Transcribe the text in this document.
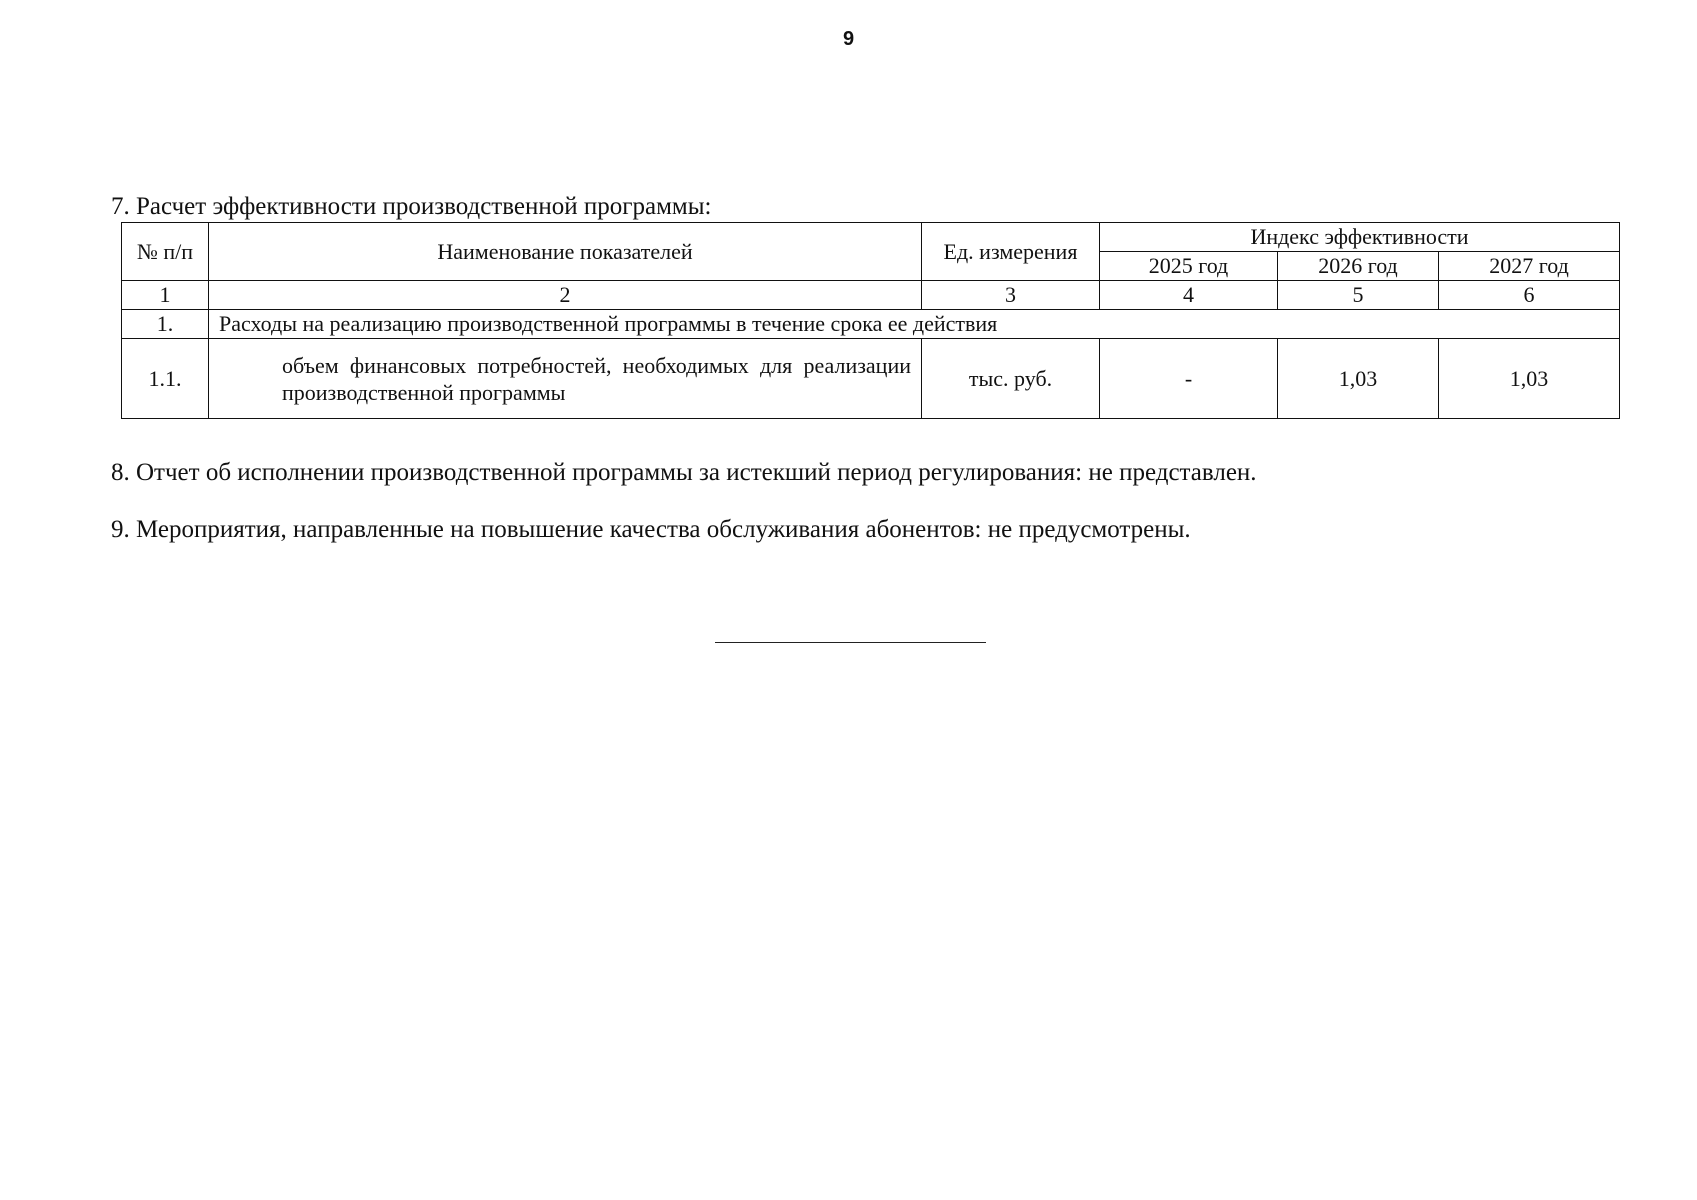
9
7. Расчет эффективности производственной программы:
№ п/п	Наименование показателей	Ед. измерения	Индекс эффективности		
			2025 год	2026 год	2027 год
1	2	3	4	5	6
1.	Расходы на реализацию производственной программы в течение срока ее действия				
1.1.	объем финансовых потребностей, необходимых для реализации производственной программы	тыс. руб.	-	1,03	1,03
8. Отчет об исполнении производственной программы за истекший период регулирования: не представлен.
9. Мероприятия, направленные на повышение качества обслуживания абонентов: не предусмотрены.
